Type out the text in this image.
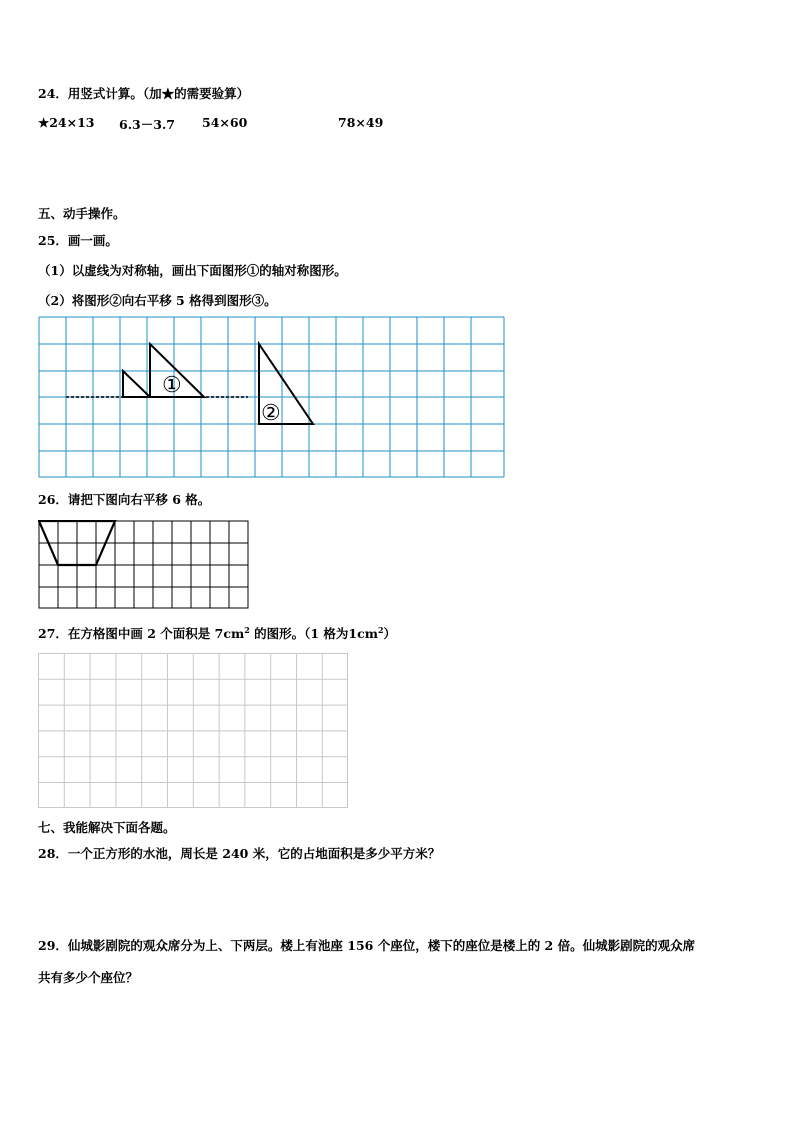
24．用竖式计算。（加★的需要验算）
★24×13 6.3－3.7 54×60	78×49
五、动手操作。
25．画一画。
（1）以虚线为对称轴，画出下面图形①的轴对称图形。
（2）将图形②向右平移 5 格得到图形③。
①
②
26．请把下图向右平移 6 格。
27．在方格图中画 2 个面积是 $7cm^2$ 的图形。（1 格为$1cm^2$）
七、我能解决下面各题。
28．一个正方形的水池，周长是 240 米，它的占地面积是多少平方米？
29．仙城影剧院的观众席分为上、下两层。楼上有池座 156 个座位，楼下的座位是楼上的 2 倍。仙城影剧院的观众席
共有多少个座位？
